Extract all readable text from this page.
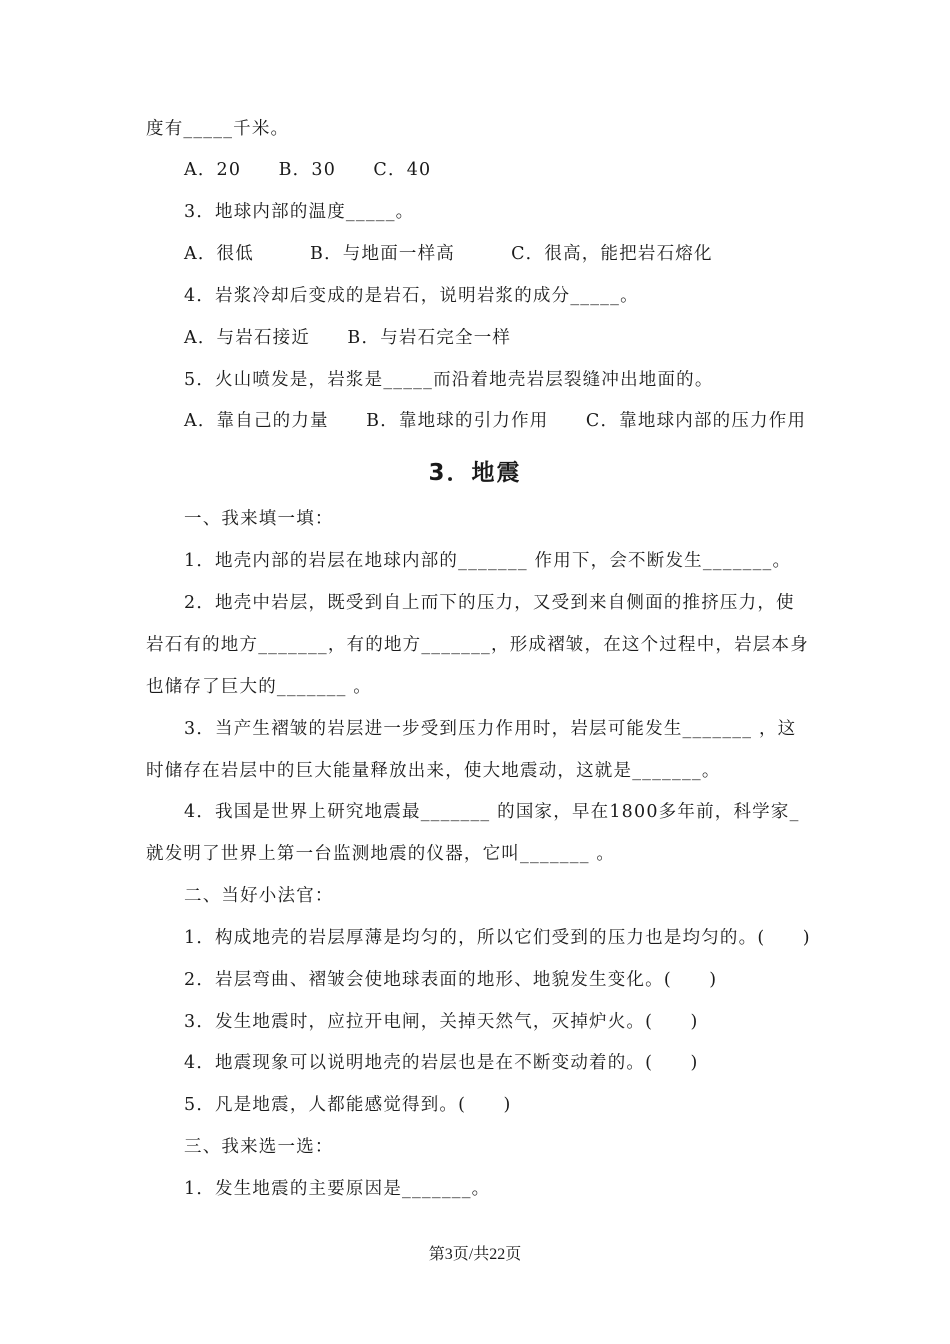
度有_____千米。
A．20　　B．30　　C．40
3．地球内部的温度_____。
A．很低　　　B．与地面一样高　　　C．很高，能把岩石熔化
4．岩浆冷却后变成的是岩石，说明岩浆的成分_____。
A．与岩石接近　　B．与岩石完全一样
5．火山喷发是，岩浆是_____而沿着地壳岩层裂缝冲出地面的。
A．靠自己的力量　　B．靠地球的引力作用　　C．靠地球内部的压力作用
3．地震
一、我来填一填：
1．地壳内部的岩层在地球内部的_______ 作用下，会不断发生_______。
2．地壳中岩层，既受到自上而下的压力，又受到来自侧面的推挤压力，使
岩石有的地方_______，有的地方_______，形成褶皱，在这个过程中，岩层本身
也储存了巨大的_______ 。
3．当产生褶皱的岩层进一步受到压力作用时，岩层可能发生_______ ，这
时储存在岩层中的巨大能量释放出来，使大地震动，这就是_______。
4．我国是世界上研究地震最_______ 的国家，早在1800多年前，科学家_
就发明了世界上第一台监测地震的仪器，它叫_______ 。
二、当好小法官：
1．构成地壳的岩层厚薄是均匀的，所以它们受到的压力也是均匀的。(　　)
2．岩层弯曲、褶皱会使地球表面的地形、地貌发生变化。(　　)
3．发生地震时，应拉开电闸，关掉天然气，灭掉炉火。(　　)
4．地震现象可以说明地壳的岩层也是在不断变动着的。(　　)
5．凡是地震，人都能感觉得到。(　　)
三、我来选一选：
1．发生地震的主要原因是_______。
第3页/共22页
